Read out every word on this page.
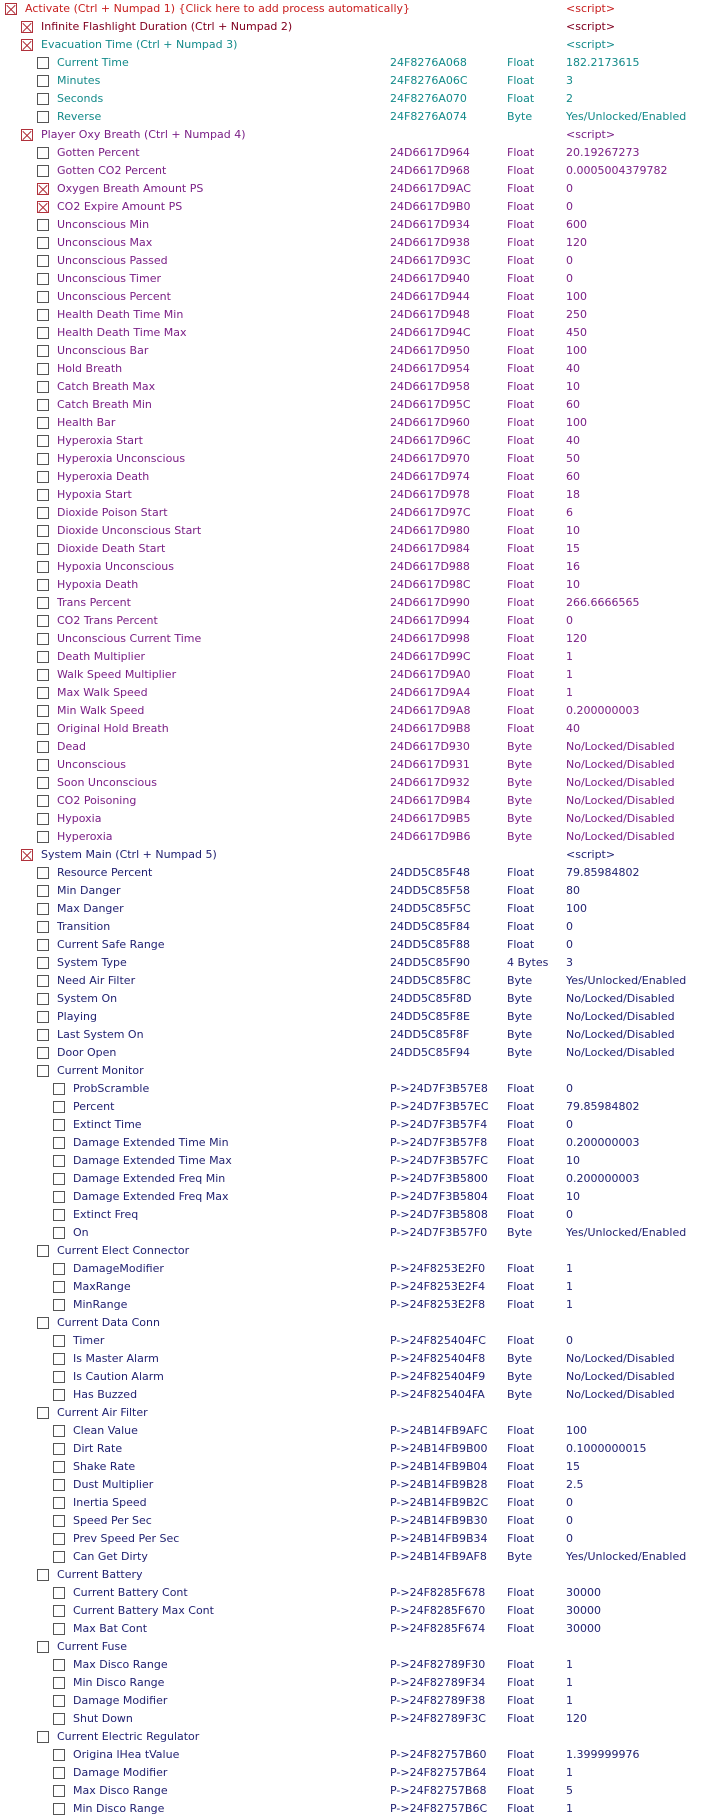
Activate (Ctrl + Numpad 1) {Click here to add process automatically}	<script>
Infinite Flashlight Duration (Ctrl + Numpad 2)	<script>
Evacuation Time (Ctrl + Numpad 3)	<script>
Current Time	24F8276A068	Float	182.2173615
Minutes	24F8276A06C	Float	3
Seconds	24F8276A070	Float	2
Reverse	24F8276A074	Byte	Yes/Unlocked/Enabled
Player Oxy Breath (Ctrl + Numpad 4)	<script>
Gotten Percent	24D6617D964	Float	20.19267273
Gotten CO2 Percent	24D6617D968	Float	0.0005004379782
Oxygen Breath Amount PS	24D6617D9AC	Float	0
CO2 Expire Amount PS	24D6617D9B0	Float	0
Unconscious Min	24D6617D934	Float	600
Unconscious Max	24D6617D938	Float	120
Unconscious Passed	24D6617D93C	Float	0
Unconscious Timer	24D6617D940	Float	0
Unconscious Percent	24D6617D944	Float	100
Health Death Time Min	24D6617D948	Float	250
Health Death Time Max	24D6617D94C	Float	450
Unconscious Bar	24D6617D950	Float	100
Hold Breath	24D6617D954	Float	40
Catch Breath Max	24D6617D958	Float	10
Catch Breath Min	24D6617D95C	Float	60
Health Bar	24D6617D960	Float	100
Hyperoxia Start	24D6617D96C	Float	40
Hyperoxia Unconscious	24D6617D970	Float	50
Hyperoxia Death	24D6617D974	Float	60
Hypoxia Start	24D6617D978	Float	18
Dioxide Poison Start	24D6617D97C	Float	6
Dioxide Unconscious Start	24D6617D980	Float	10
Dioxide Death Start	24D6617D984	Float	15
Hypoxia Unconscious	24D6617D988	Float	16
Hypoxia Death	24D6617D98C	Float	10
Trans Percent	24D6617D990	Float	266.6666565
CO2 Trans Percent	24D6617D994	Float	0
Unconscious Current Time	24D6617D998	Float	120
Death Multiplier	24D6617D99C	Float	1
Walk Speed Multiplier	24D6617D9A0	Float	1
Max Walk Speed	24D6617D9A4	Float	1
Min Walk Speed	24D6617D9A8	Float	0.200000003
Original Hold Breath	24D6617D9B8	Float	40
Dead	24D6617D930	Byte	No/Locked/Disabled
Unconscious	24D6617D931	Byte	No/Locked/Disabled
Soon Unconscious	24D6617D932	Byte	No/Locked/Disabled
CO2 Poisoning	24D6617D9B4	Byte	No/Locked/Disabled
Hypoxia	24D6617D9B5	Byte	No/Locked/Disabled
Hyperoxia	24D6617D9B6	Byte	No/Locked/Disabled
System Main (Ctrl + Numpad 5)	<script>
Resource Percent	24DD5C85F48	Float	79.85984802
Min Danger	24DD5C85F58	Float	80
Max Danger	24DD5C85F5C	Float	100
Transition	24DD5C85F84	Float	0
Current Safe Range	24DD5C85F88	Float	0
System Type	24DD5C85F90	4 Bytes	3
Need Air Filter	24DD5C85F8C	Byte	Yes/Unlocked/Enabled
System On	24DD5C85F8D	Byte	No/Locked/Disabled
Playing	24DD5C85F8E	Byte	No/Locked/Disabled
Last System On	24DD5C85F8F	Byte	No/Locked/Disabled
Door Open	24DD5C85F94	Byte	No/Locked/Disabled
Current Monitor
ProbScramble	P->24D7F3B57E8	Float	0
Percent	P->24D7F3B57EC	Float	79.85984802
Extinct Time	P->24D7F3B57F4	Float	0
Damage Extended Time Min	P->24D7F3B57F8	Float	0.200000003
Damage Extended Time Max	P->24D7F3B57FC	Float	10
Damage Extended Freq Min	P->24D7F3B5800	Float	0.200000003
Damage Extended Freq Max	P->24D7F3B5804	Float	10
Extinct Freq	P->24D7F3B5808	Float	0
On	P->24D7F3B57F0	Byte	Yes/Unlocked/Enabled
Current Elect Connector
DamageModifier	P->24F8253E2F0	Float	1
MaxRange	P->24F8253E2F4	Float	1
MinRange	P->24F8253E2F8	Float	1
Current Data Conn
Timer	P->24F825404FC	Float	0
Is Master Alarm	P->24F825404F8	Byte	No/Locked/Disabled
Is Caution Alarm	P->24F825404F9	Byte	No/Locked/Disabled
Has Buzzed	P->24F825404FA	Byte	No/Locked/Disabled
Current Air Filter
Clean Value	P->24B14FB9AFC	Float	100
Dirt Rate	P->24B14FB9B00	Float	0.1000000015
Shake Rate	P->24B14FB9B04	Float	15
Dust Multiplier	P->24B14FB9B28	Float	2.5
Inertia Speed	P->24B14FB9B2C	Float	0
Speed Per Sec	P->24B14FB9B30	Float	0
Prev Speed Per Sec	P->24B14FB9B34	Float	0
Can Get Dirty	P->24B14FB9AF8	Byte	Yes/Unlocked/Enabled
Current Battery
Current Battery Cont	P->24F8285F678	Float	30000
Current Battery Max Cont	P->24F8285F670	Float	30000
Max Bat Cont	P->24F8285F674	Float	30000
Current Fuse
Max Disco Range	P->24F82789F30	Float	1
Min Disco Range	P->24F82789F34	Float	1
Damage Modifier	P->24F82789F38	Float	1
Shut Down	P->24F82789F3C	Float	120
Current Electric Regulator
Origina lHea tValue	P->24F82757B60	Float	1.399999976
Damage Modifier	P->24F82757B64	Float	1
Max Disco Range	P->24F82757B68	Float	5
Min Disco Range	P->24F82757B6C	Float	1
